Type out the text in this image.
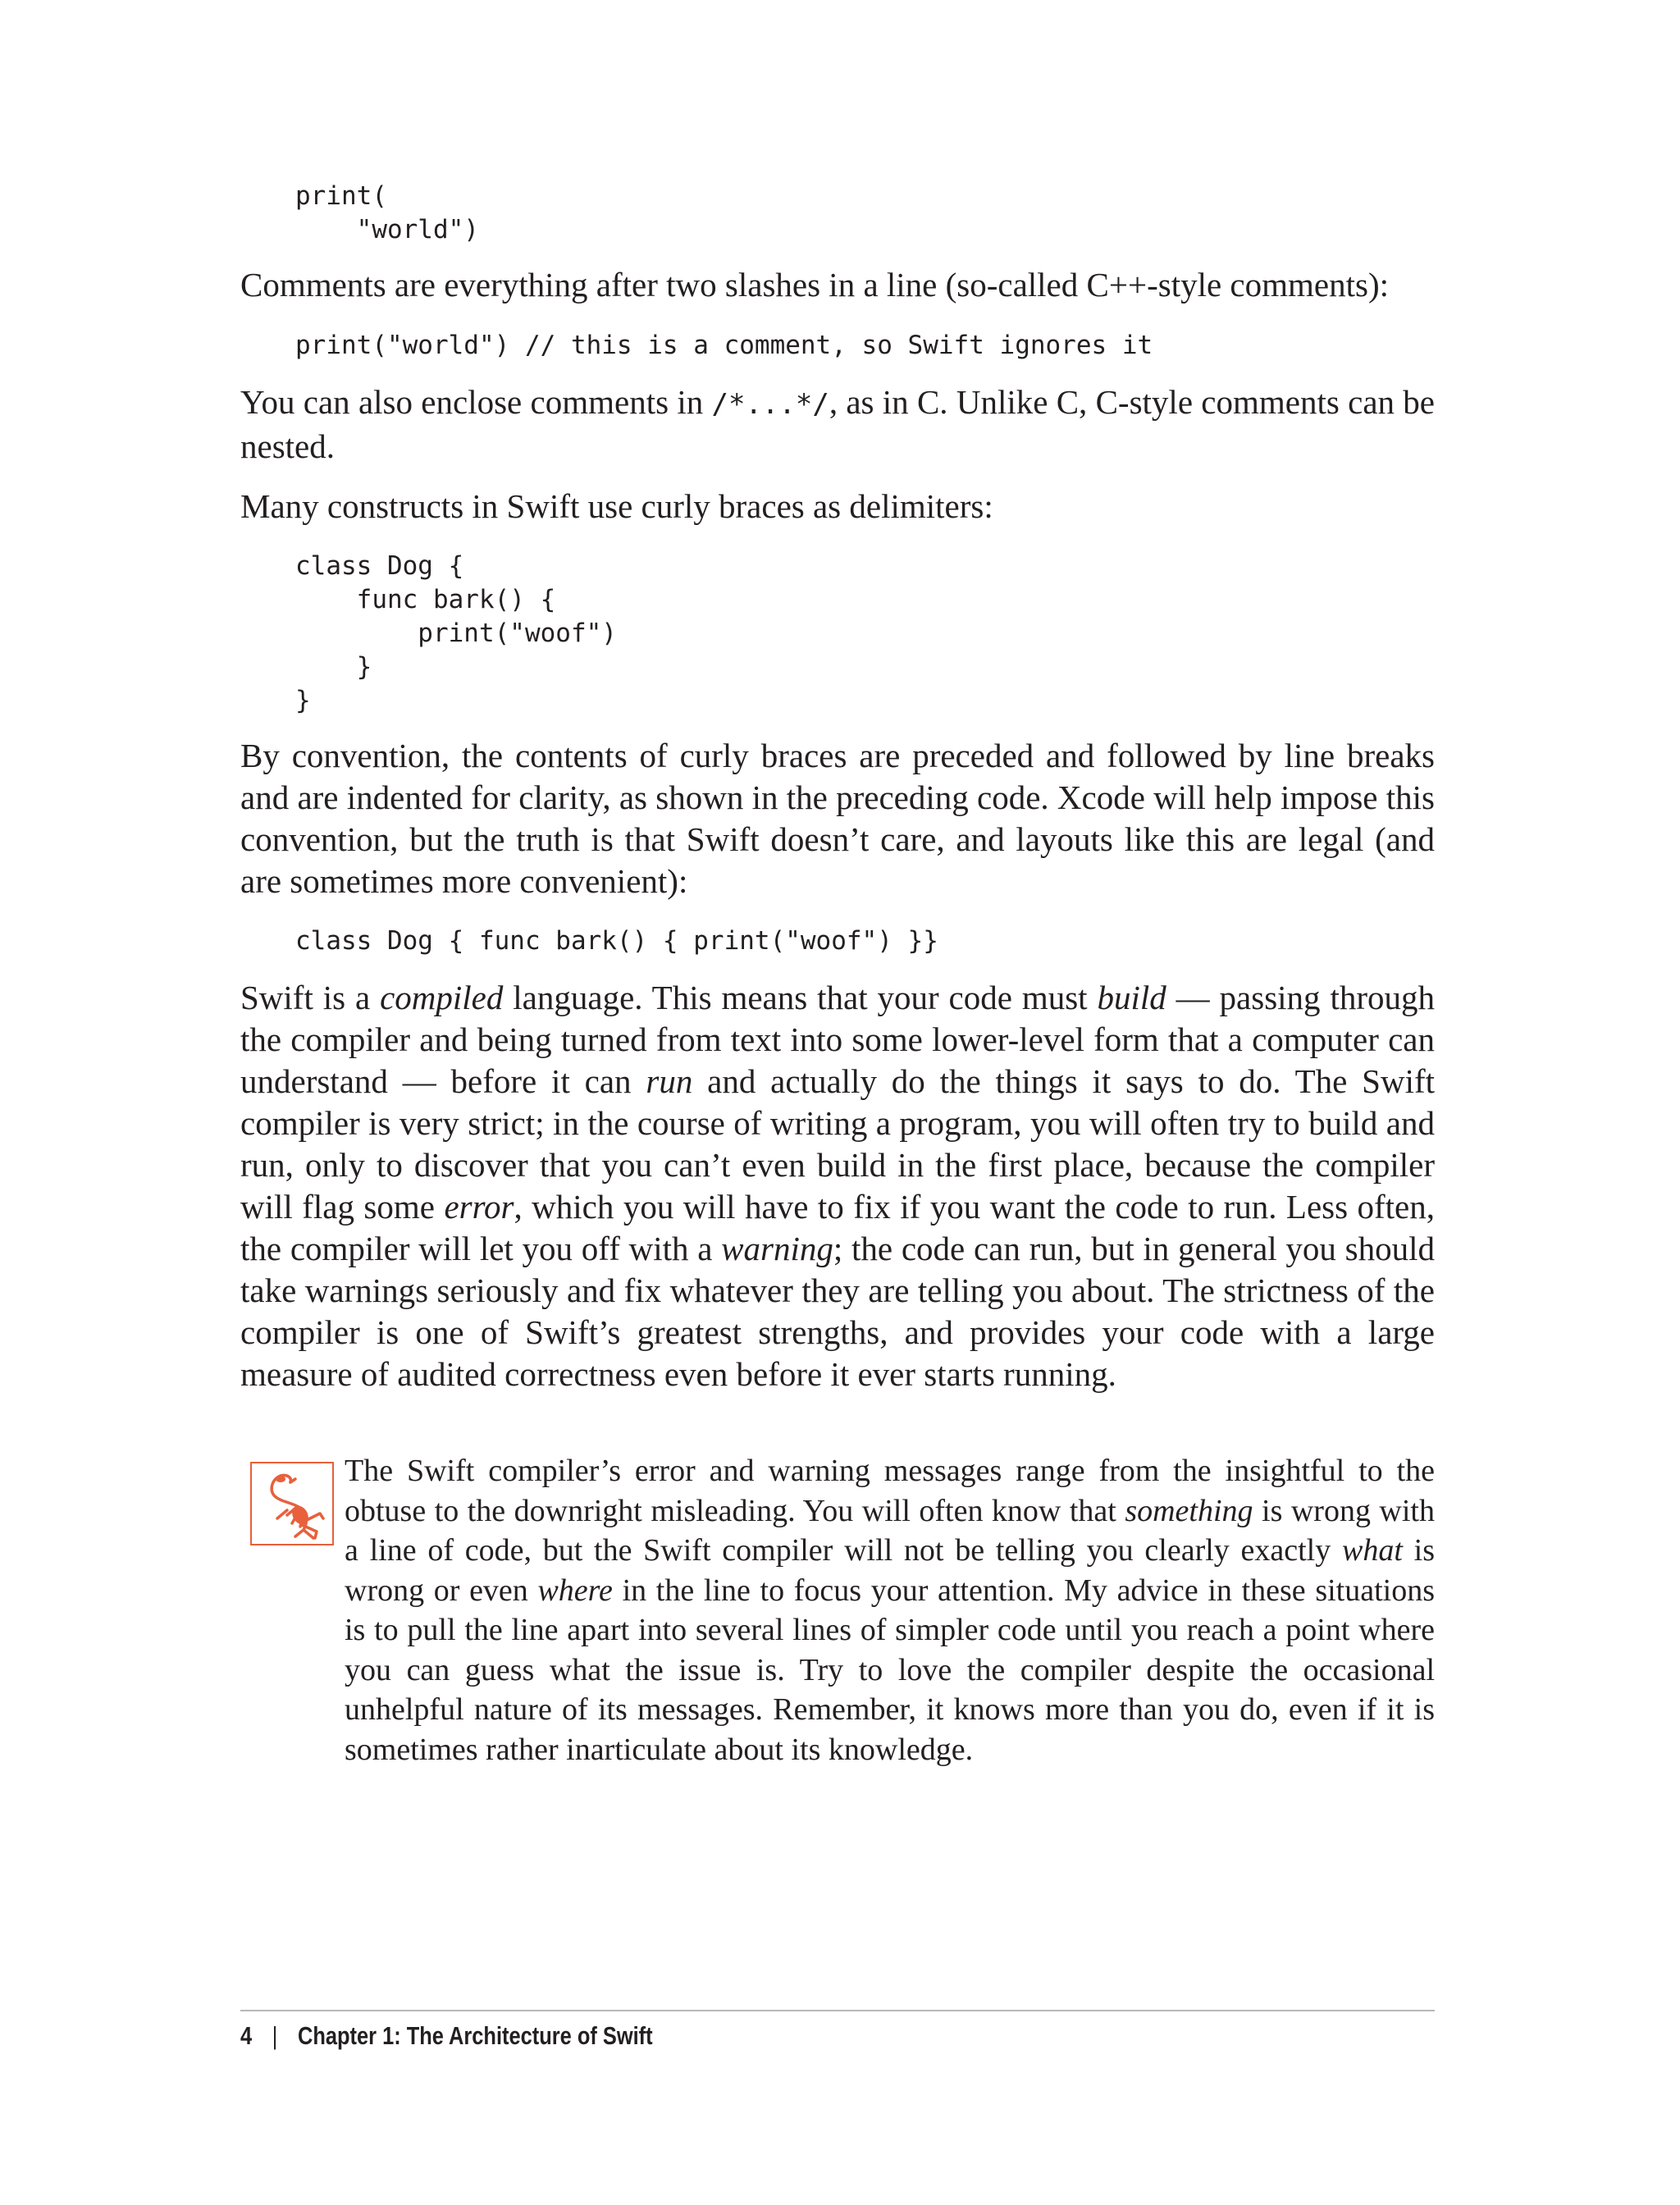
print(
"world")

Comments are everything after two slashes in a line (so-called C++-style comments):

print("world") // this is a comment, so Swift ignores it

You can also enclose comments in /*...*/, as in C. Unlike C, C-style comments can be nested.

Many constructs in Swift use curly braces as delimiters:

class Dog {
func bark() {
print("woof")
}
}

By convention, the contents of curly braces are preceded and followed by line breaks and are indented for clarity, as shown in the preceding code. Xcode will help impose this convention, but the truth is that Swift doesn’t care, and layouts like this are legal (and are sometimes more convenient):

class Dog { func bark() { print("woof") }}

Swift is a compiled language. This means that your code must build — passing through the compiler and being turned from text into some lower-level form that a computer can understand — before it can run and actually do the things it says to do. The Swift compiler is very strict; in the course of writing a program, you will often try to build and run, only to discover that you can’t even build in the first place, because the compiler will flag some error, which you will have to fix if you want the code to run. Less often, the compiler will let you off with a warning; the code can run, but in general you should take warnings seriously and fix whatever they are telling you about. The strictness of the compiler is one of Swift’s greatest strengths, and provides your code with a large measure of audited correctness even before it ever starts running.

The Swift compiler’s error and warning messages range from the insightful to the obtuse to the downright misleading. You will often know that something is wrong with a line of code, but the Swift compiler will not be telling you clearly exactly what is wrong or even where in the line to focus your attention. My advice in these situations is to pull the line apart into several lines of simpler code until you reach a point where you can guess what the issue is. Try to love the compiler despite the occasional unhelpful nature of its messages. Remember, it knows more than you do, even if it is sometimes rather inarticulate about its knowledge.

4 | Chapter 1: The Architecture of Swift
